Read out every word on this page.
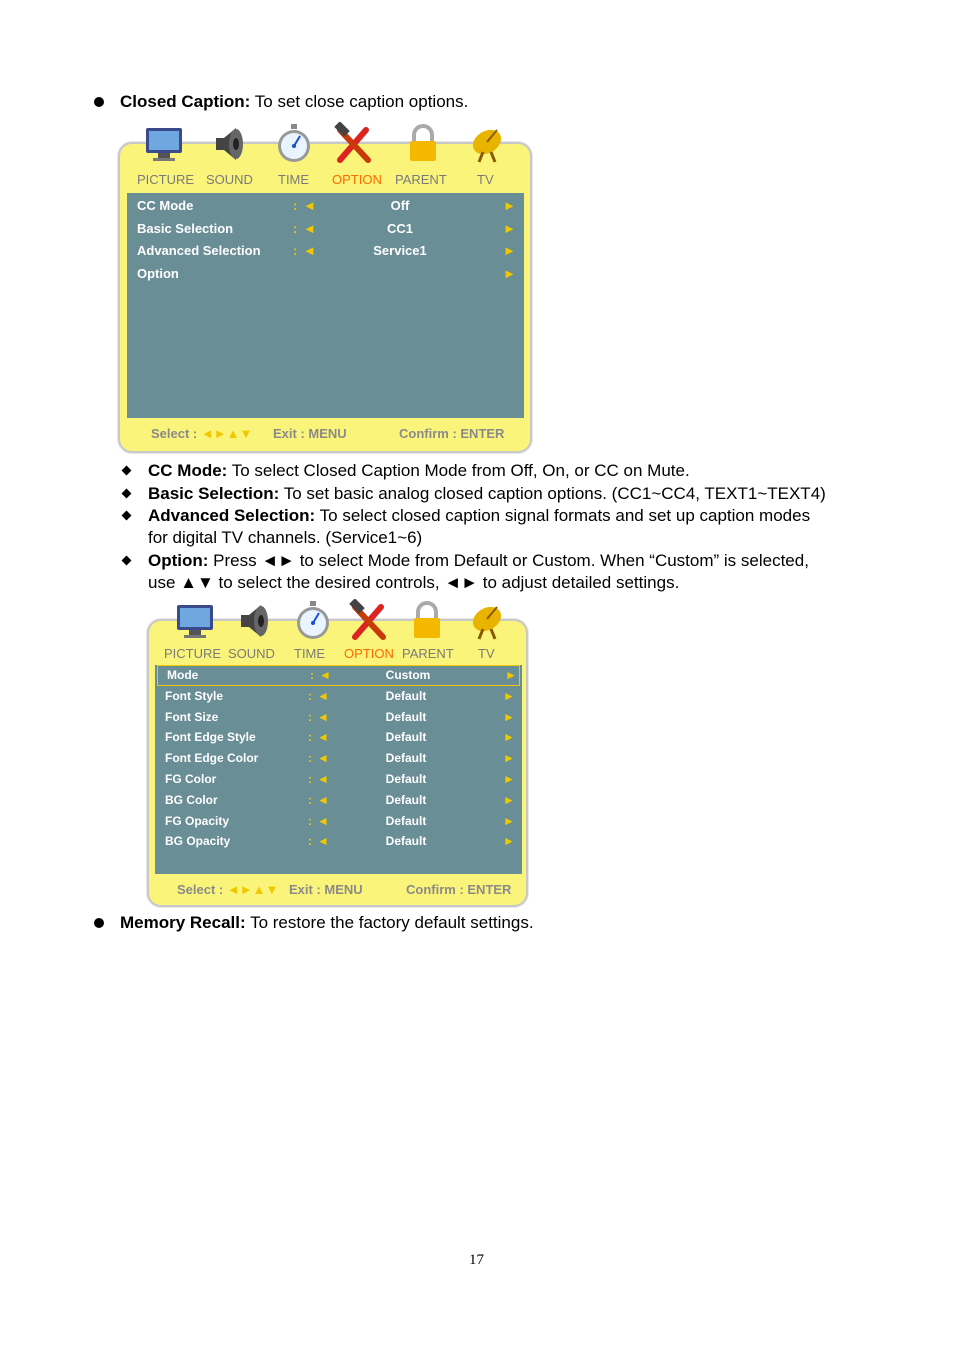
Closed Caption: To set close caption options.
PICTURE SOUND TIME OPTION PARENT TV
CC Mode	: ◄	Off	►
Basic Selection	: ◄	CC1	►
Advanced Selection : ◄	Service1	►
Option	►
Select : ◄►▲▼ Exit : MENU	Confirm : ENTER
CC Mode: To select Closed Caption Mode from Off, On, or CC on Mute.
Basic Selection: To set basic analog closed caption options. (CC1~CC4, TEXT1~TEXT4)
Advanced Selection: To select closed caption signal formats and set up caption modes
for digital TV channels. (Service1~6)
Option: Press ◄► to select Mode from Default or Custom. When “Custom” is selected,
use ▲▼ to select the desired controls, ◄► to adjust detailed settings.
PICTURE SOUND TIME OPTION PARENT TV
Mode	: ◄	Custom	►
Font Style	: ◄	Default	►
Font Size	: ◄	Default	►
Font Edge Style	: ◄	Default	►
Font Edge Color	: ◄	Default	►
FG Color	: ◄	Default	►
BG Color	: ◄	Default	►
FG Opacity	: ◄	Default	►
BG Opacity	: ◄	Default	►
Select : ◄►▲▼ Exit : MENU	Confirm : ENTER
Memory Recall: To restore the factory default settings.
17
